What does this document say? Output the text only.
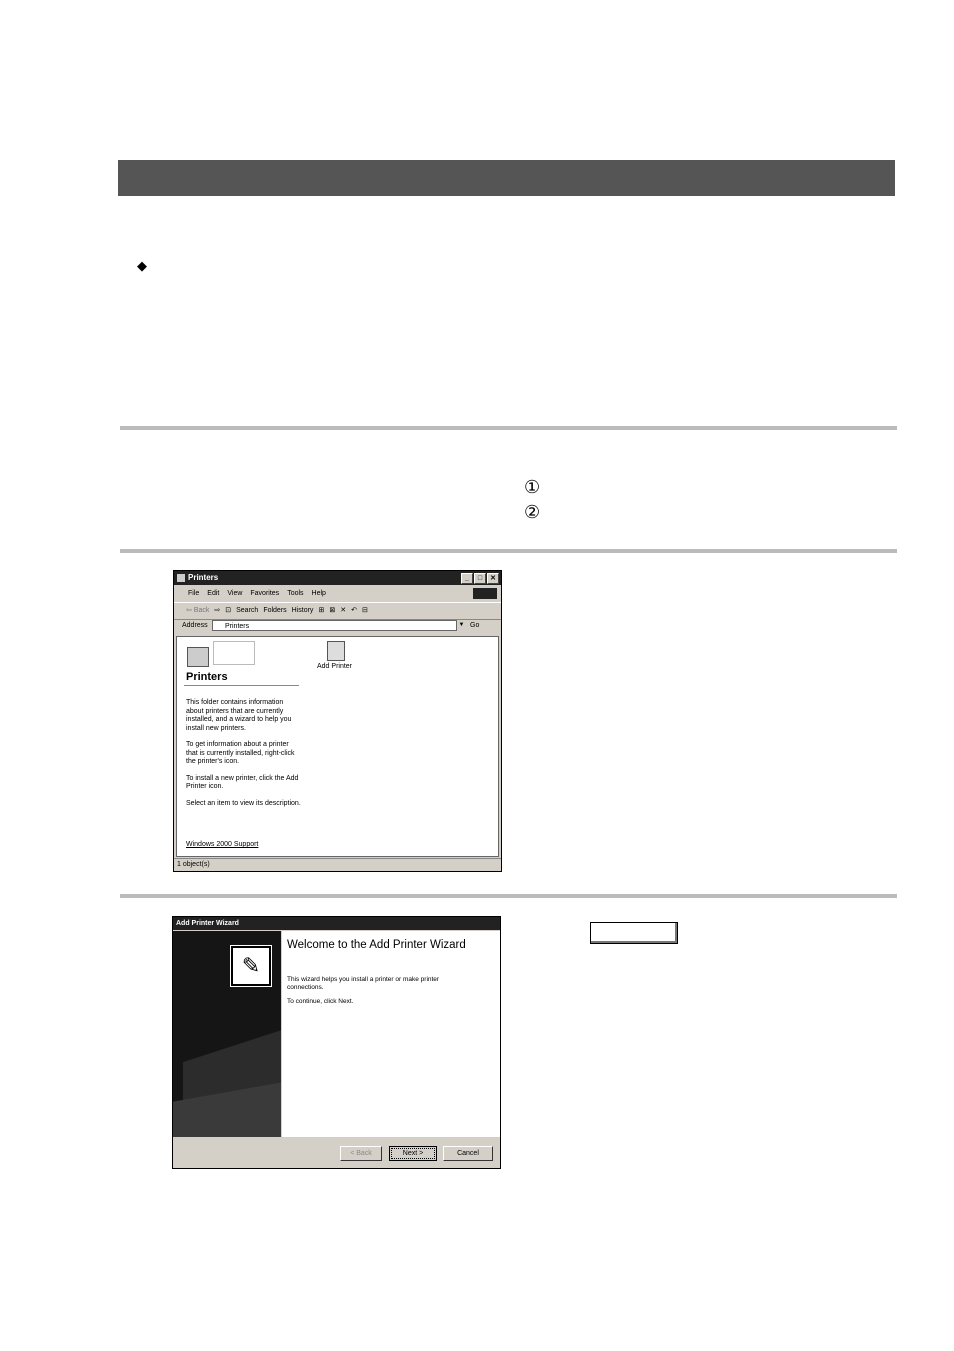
◆
①
②
Printers	_	□	✕
File Edit View Favorites Tools Help
⇦ Back ⇨ ⊡ Search Folders History ⊞ ⊠ ✕ ↶ ⊟
Address	Printers	▼ Go
Printers

This folder contains information about printers that are currently installed, and a wizard to help you install new printers.

To get information about a printer that is currently installed, right-click the printer's icon.

To install a new printer, click the Add Printer icon.

Select an item to view its description.

Windows 2000 Support
Add Printer
1 object(s)
Add Printer Wizard
✎
Welcome to the Add Printer Wizard
This wizard helps you install a printer or make printer connections.
To continue, click Next.
< Back	Next >	Cancel
